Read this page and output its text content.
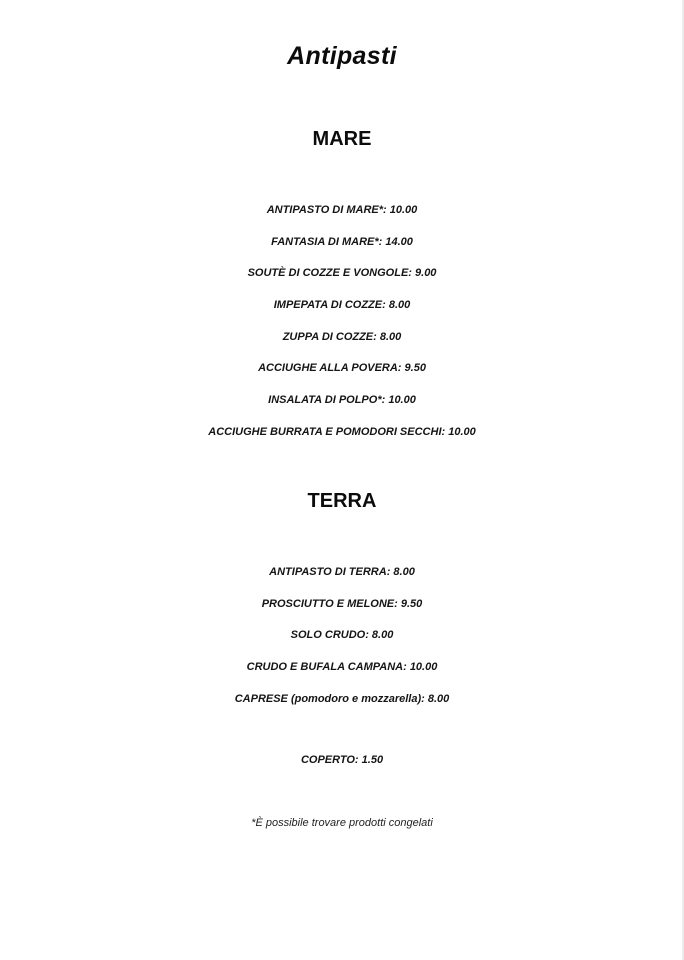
Antipasti
MARE
ANTIPASTO DI MARE*: 10.00
FANTASIA DI MARE*: 14.00
SOUTÈ DI COZZE E VONGOLE: 9.00
IMPEPATA DI COZZE: 8.00
ZUPPA DI COZZE: 8.00
ACCIUGHE ALLA POVERA: 9.50
INSALATA DI POLPO*: 10.00
ACCIUGHE BURRATA E POMODORI SECCHI: 10.00
TERRA
ANTIPASTO DI TERRA: 8.00
PROSCIUTTO E MELONE: 9.50
SOLO CRUDO: 8.00
CRUDO E BUFALA CAMPANA: 10.00
CAPRESE (pomodoro e mozzarella): 8.00
COPERTO: 1.50
*È possibile trovare prodotti congelati
